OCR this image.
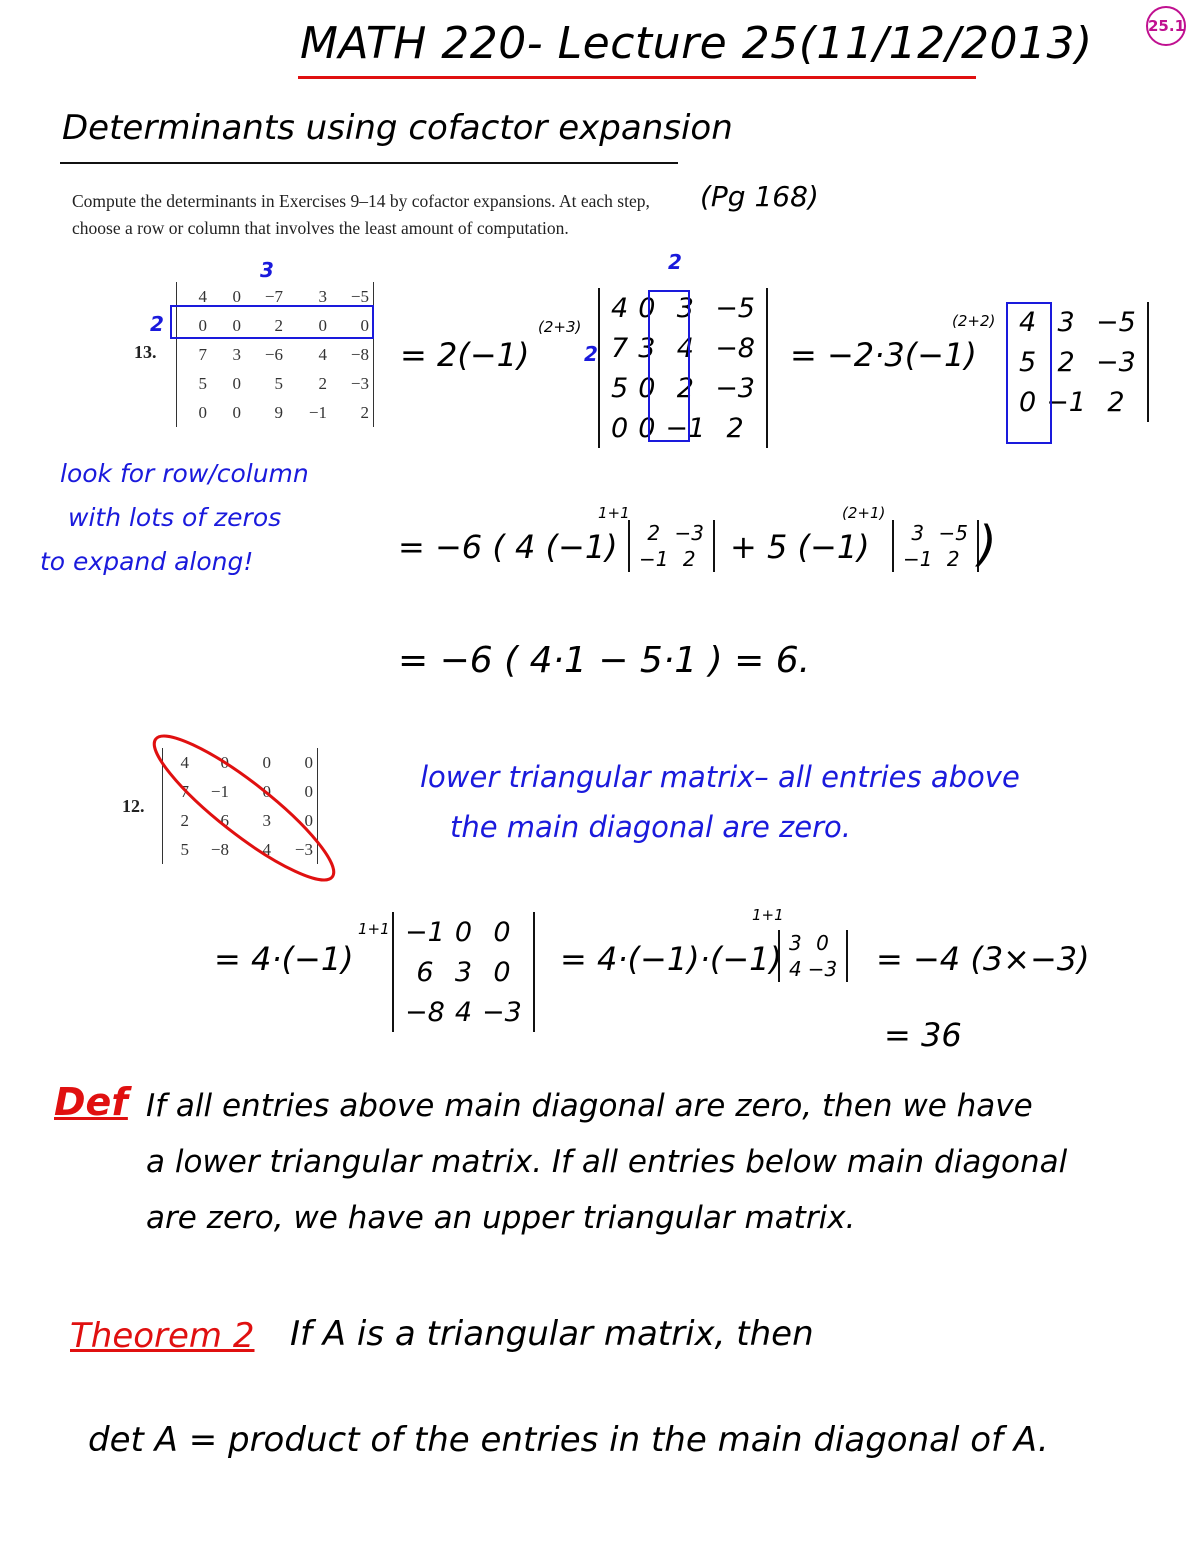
MATH 220- Lecture 25(11/12/2013)	25.1
Determinants using cofactor expansion
(Pg 168)
Compute the determinants in Exercises 9–14 by cofactor expansions. At each step, choose a row or column that involves the least amount of computation.
3
2
13.
4	0	−7	3	−5
0	0	2	0	0
7	3	−6	4	−8
5	0	5	2	−3
0	0	9	−1	2
= 2(−1)
(2+3)
2
2
4	0	3	−5
7	3	4	−8
5	0	2	−3
0	0	−1	2
= −2·3(−1)
(2+2) 4	3	−5
5	2	−3
0	−1	2
look for row/column
with lots of zeros
to expand along!	= −6 ( 4 (−1)
1+1
2	−3
−1	2 + 5 (−1)
(2+1)
3	−5
−1	2 )
= −6 ( 4·1 − 5·1 ) = 6.
12.
4	0	0	0
7	−1	0	0
2	6	3	0
5	−8	4	−3
lower triangular matrix– all entries above
the main diagonal are zero.
= 4·(−1)
1+1 −1	0	0
6	3	0
−8	4	−3
= 4·(−1)·(−1)
1+1
3	0
4	−3 = −4 (3×−3)
= 36
Def If all entries above main diagonal are zero, then we have
a lower triangular matrix. If all entries below main diagonal
are zero, we have an upper triangular matrix.
Theorem 2 If A is a triangular matrix, then
det A = product of the entries in the main diagonal of A.
